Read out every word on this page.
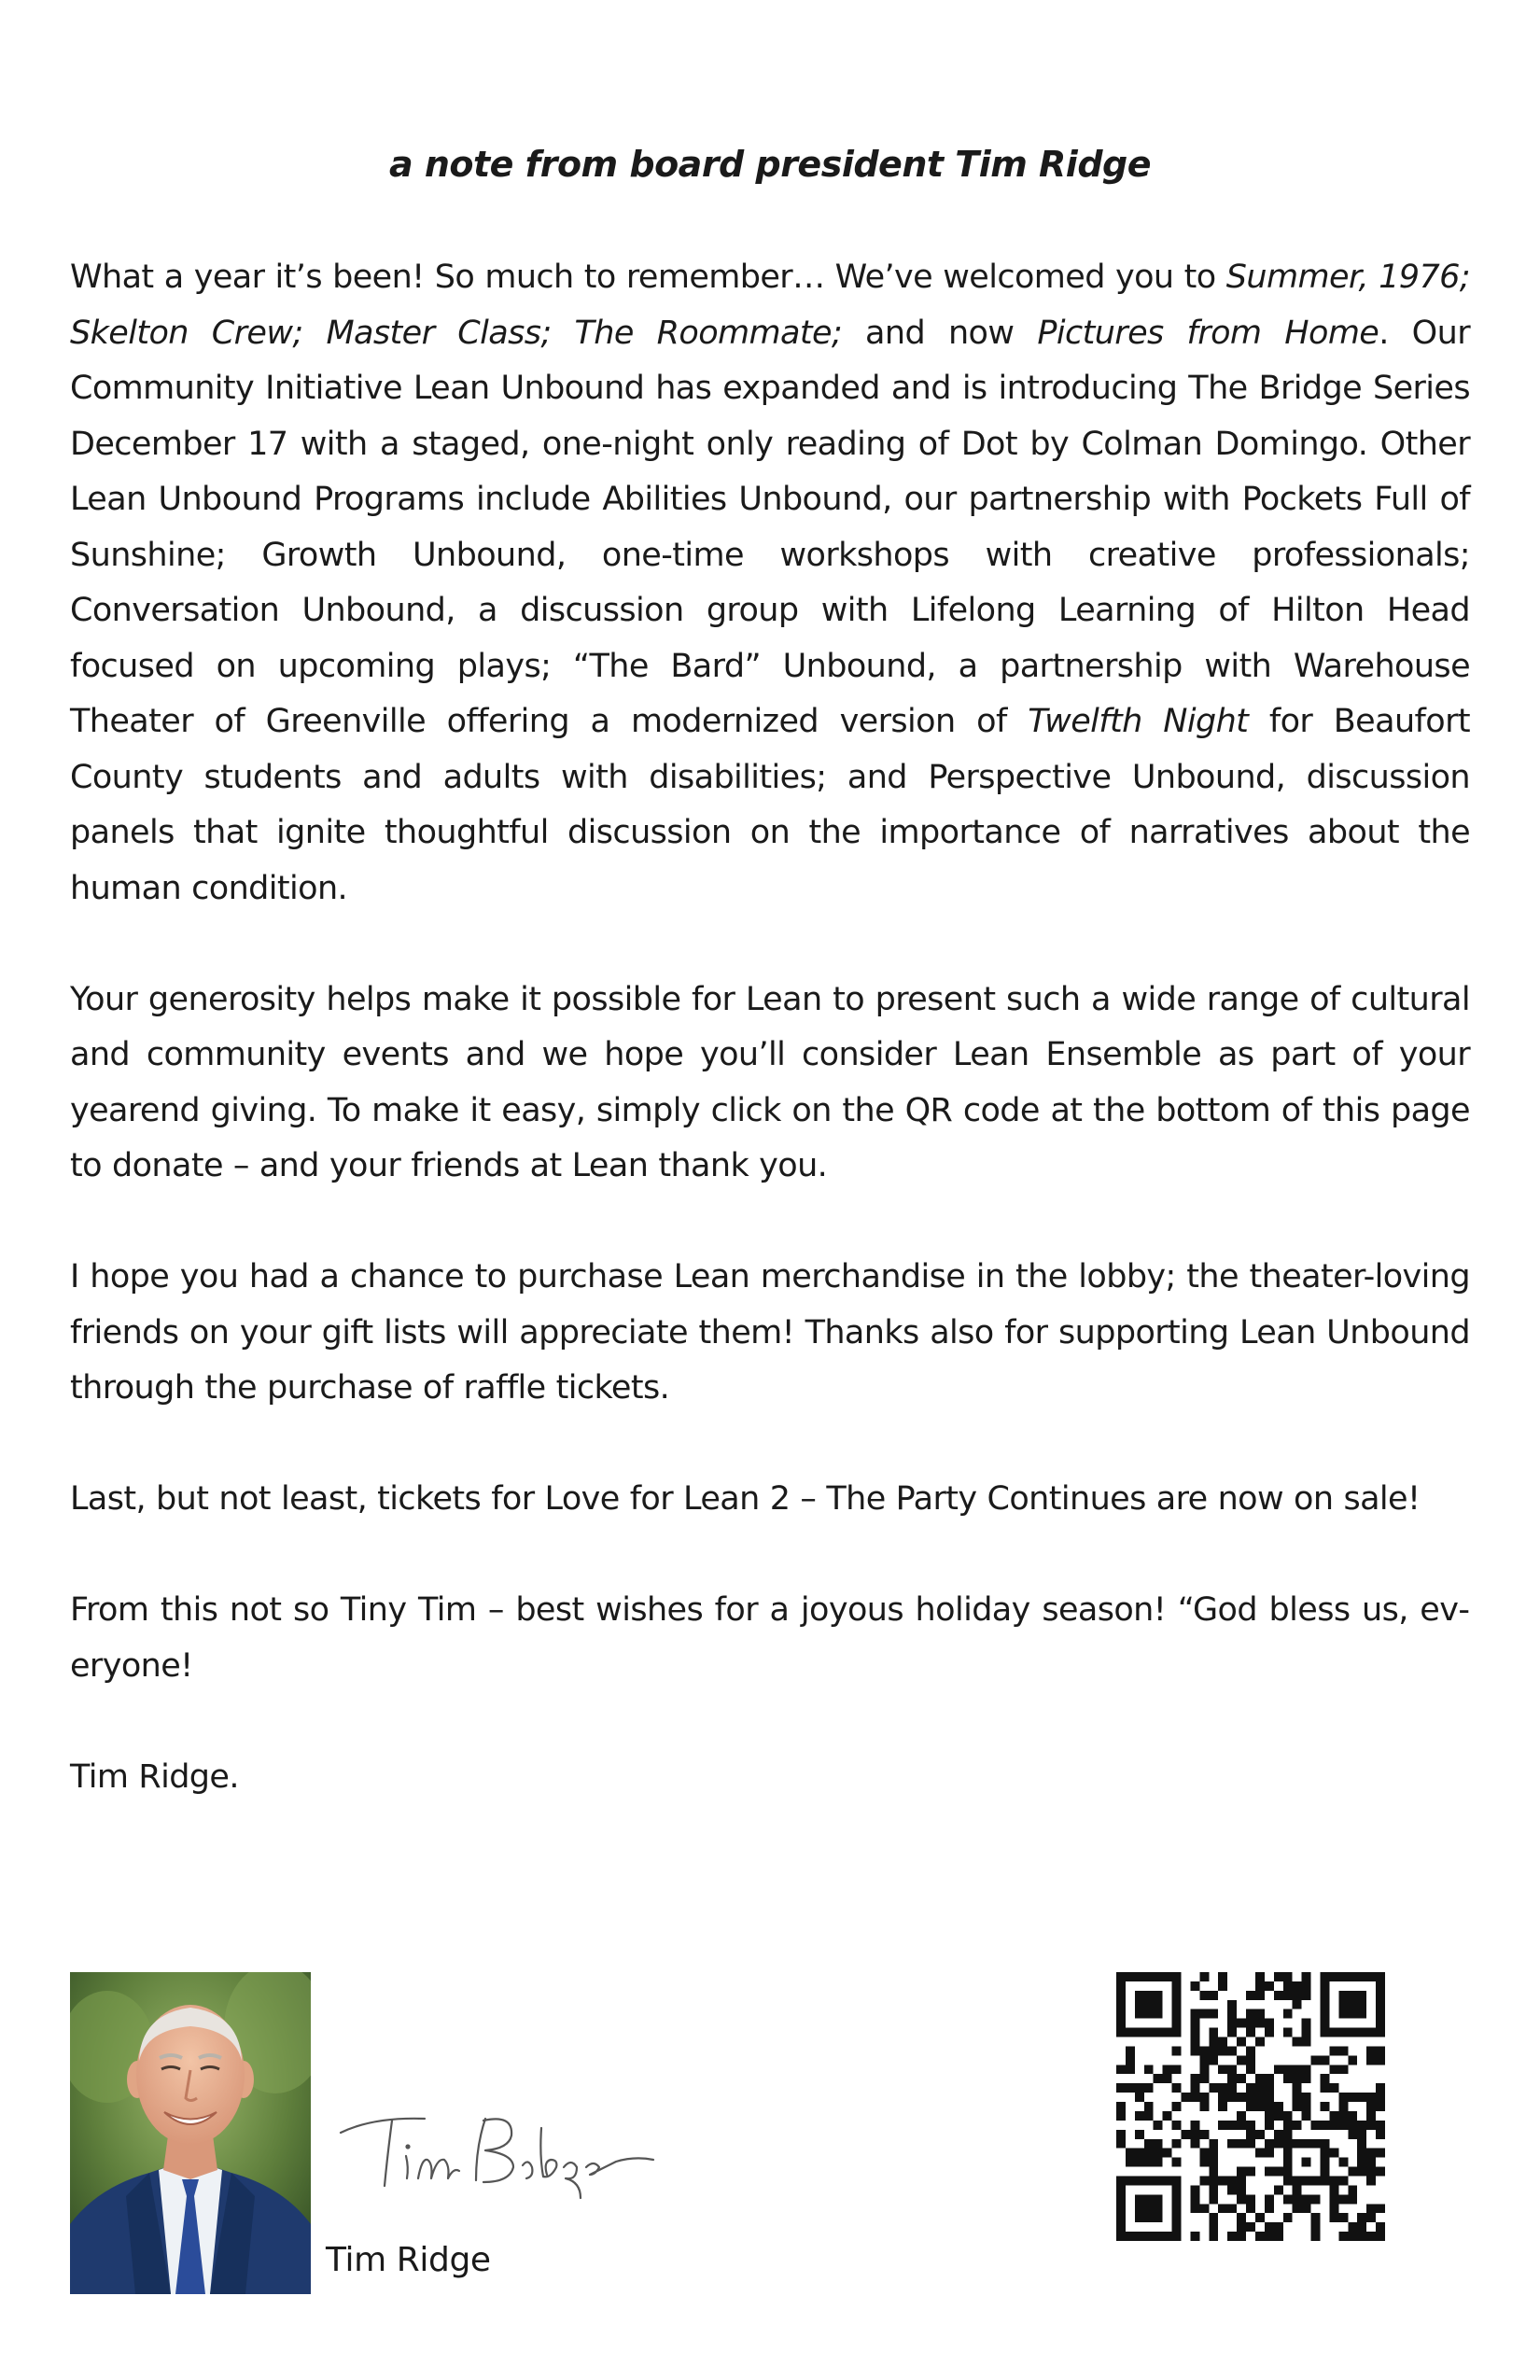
a note from board president Tim Ridge

What a year it’s been! So much to remember… We’ve welcomed you to Summer, 1976; Skelton Crew; Master Class; The Roommate; and now Pictures from Home. Our Community Initiative Lean Unbound has expanded and is introducing The Bridge Series December 17 with a staged, one-night only reading of Dot by Colman Domingo. Other Lean Unbound Programs include Abilities Unbound, our partnership with Pockets Full of Sunshine; Growth Unbound, one-time workshops with creative professionals; Conversation Unbound, a discussion group with Lifelong Learning of Hilton Head focused on upcoming plays; “The Bard” Unbound, a partnership with Warehouse Theater of Greenville offering a modernized version of Twelfth Night for Beaufort County students and adults with disabilities; and Perspective Unbound, discussion panels that ignite thoughtful discussion on the importance of narratives about the human condition.

Your generosity helps make it possible for Lean to present such a wide range of cultural and community events and we hope you’ll consider Lean Ensemble as part of your yearend giving. To make it easy, simply click on the QR code at the bottom of this page to donate – and your friends at Lean thank you.

I hope you had a chance to purchase Lean merchandise in the lobby; the theater-loving friends on your gift lists will appreciate them! Thanks also for supporting Lean Unbound through the purchase of raffle tickets.

Last, but not least, tickets for Love for Lean 2 – The Party Continues are now on sale!

From this not so Tiny Tim – best wishes for a joyous holiday season! “God bless us, everyone!

Tim Ridge.

Tim Ridge
